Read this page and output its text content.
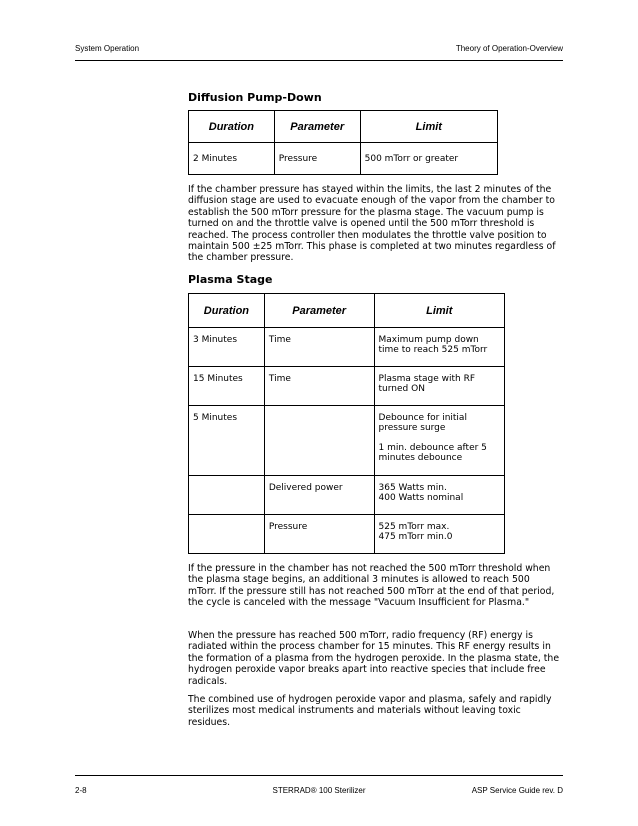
System Operation	Theory of Operation-Overview

Diffusion Pump-Down

Duration	Parameter	Limit
2 Minutes	Pressure	500 mTorr or greater

If the chamber pressure has stayed within the limits, the last 2 minutes of the diffusion stage are used to evacuate enough of the vapor from the chamber to establish the 500 mTorr pressure for the plasma stage. The vacuum pump is turned on and the throttle valve is opened until the 500 mTorr threshold is reached. The process controller then modulates the throttle valve position to maintain 500 ±25 mTorr. This phase is completed at two minutes regardless of the chamber pressure.

Plasma Stage

Duration	Parameter	Limit
3 Minutes	Time	Maximum pump down
time to reach 525 mTorr

15 Minutes	Time	Plasma stage with RF
turned ON

5 Minutes		Debounce for initial
pressure surge
1 min. debounce after 5
minutes debounce

	Delivered power	365 Watts min.
400 Watts nominal

	Pressure	525 mTorr max.
475 mTorr min.0

If the pressure in the chamber has not reached the 500 mTorr threshold when the plasma stage begins, an additional 3 minutes is allowed to reach 500 mTorr. If the pressure still has not reached 500 mTorr at the end of that period, the cycle is canceled with the message "Vacuum Insufficient for Plasma."

When the pressure has reached 500 mTorr, radio frequency (RF) energy is radiated within the process chamber for 15 minutes. This RF energy results in the formation of a plasma from the hydrogen peroxide. In the plasma state, the hydrogen peroxide vapor breaks apart into reactive species that include free radicals.

The combined use of hydrogen peroxide vapor and plasma, safely and rapidly sterilizes most medical instruments and materials without leaving toxic residues.

2-8	STERRAD® 100 Sterilizer	ASP Service Guide rev. D
